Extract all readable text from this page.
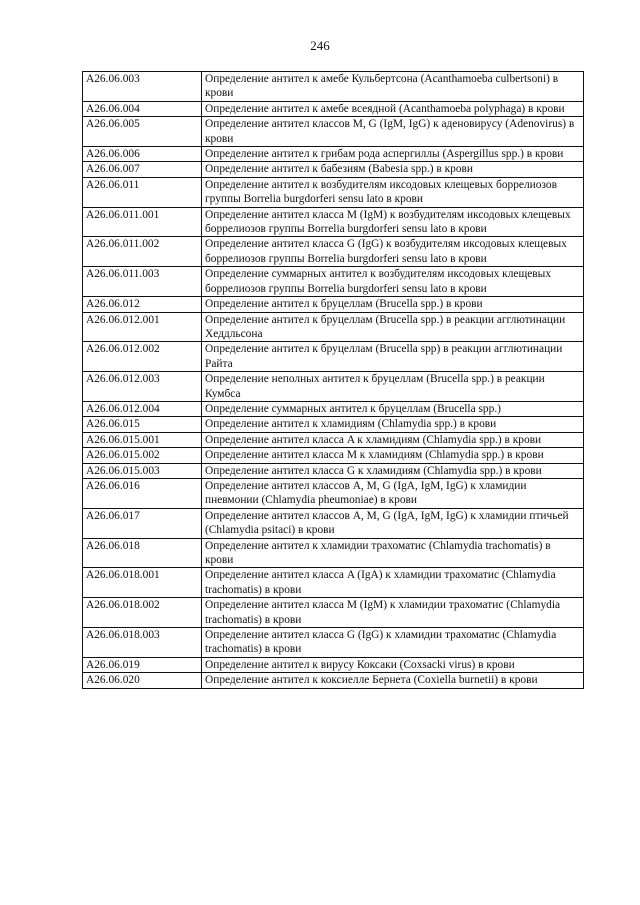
246
A26.06.003	Определение антител к амебе Кульбертсона (Acanthamoeba culbertsoni) в крови
A26.06.004	Определение антител к амебе всеядной (Acanthamoeba polyphaga) в крови
A26.06.005	Определение антител классов M, G (IgM, IgG) к аденовирусу (Adenovirus) в крови
A26.06.006	Определение антител к грибам рода аспергиллы (Aspergillus spp.) в крови
A26.06.007	Определение антител к бабезиям (Babesia spp.) в крови
A26.06.011	Определение антител к возбудителям иксодовых клещевых боррелиозов группы Borrelia burgdorferi sensu lato в крови
A26.06.011.001	Определение антител класса M (IgM) к возбудителям иксодовых клещевых боррелиозов группы Borrelia burgdorferi sensu lato в крови
A26.06.011.002	Определение антител класса G (IgG) к возбудителям иксодовых клещевых боррелиозов группы Borrelia burgdorferi sensu lato в крови
A26.06.011.003	Определение суммарных антител к возбудителям иксодовых клещевых боррелиозов группы Borrelia burgdorferi sensu lato в крови
A26.06.012	Определение антител к бруцеллам (Brucella spp.) в крови
A26.06.012.001	Определение антител к бруцеллам (Brucella spp.) в реакции агглютинации Хеддльсона
A26.06.012.002	Определение антител к бруцеллам (Brucella spp) в реакции агглютинации Райта
A26.06.012.003	Определение неполных антител к бруцеллам (Brucella spp.) в реакции Кумбса
A26.06.012.004	Определение суммарных антител к бруцеллам (Brucella spp.)
A26.06.015	Определение антител к хламидиям (Chlamydia spp.) в крови
A26.06.015.001	Определение антител класса A к хламидиям (Chlamydia spp.) в крови
A26.06.015.002	Определение антител класса M к хламидиям (Chlamydia spp.) в крови
A26.06.015.003	Определение антител класса G к хламидиям (Chlamydia spp.) в крови
A26.06.016	Определение антител классов A, M, G (IgA, IgM, IgG) к хламидии пневмонии (Chlamydia pheumoniae) в крови
A26.06.017	Определение антител классов A, M, G (IgA, IgM, IgG) к хламидии птичьей (Chlamydia psitaci) в крови
A26.06.018	Определение антител к хламидии трахоматис (Chlamydia trachomatis) в крови
A26.06.018.001	Определение антител класса A (IgA) к хламидии трахоматис (Chlamydia trachomatis) в крови
A26.06.018.002	Определение антител класса M (IgM) к хламидии трахоматис (Chlamydia trachomatis) в крови
A26.06.018.003	Определение антител класса G (IgG) к хламидии трахоматис (Chlamydia trachomatis) в крови
A26.06.019	Определение антител к вирусу Коксаки (Coxsacki virus) в крови
A26.06.020	Определение антител к коксиелле Бернета (Coxiella burnetii) в крови
